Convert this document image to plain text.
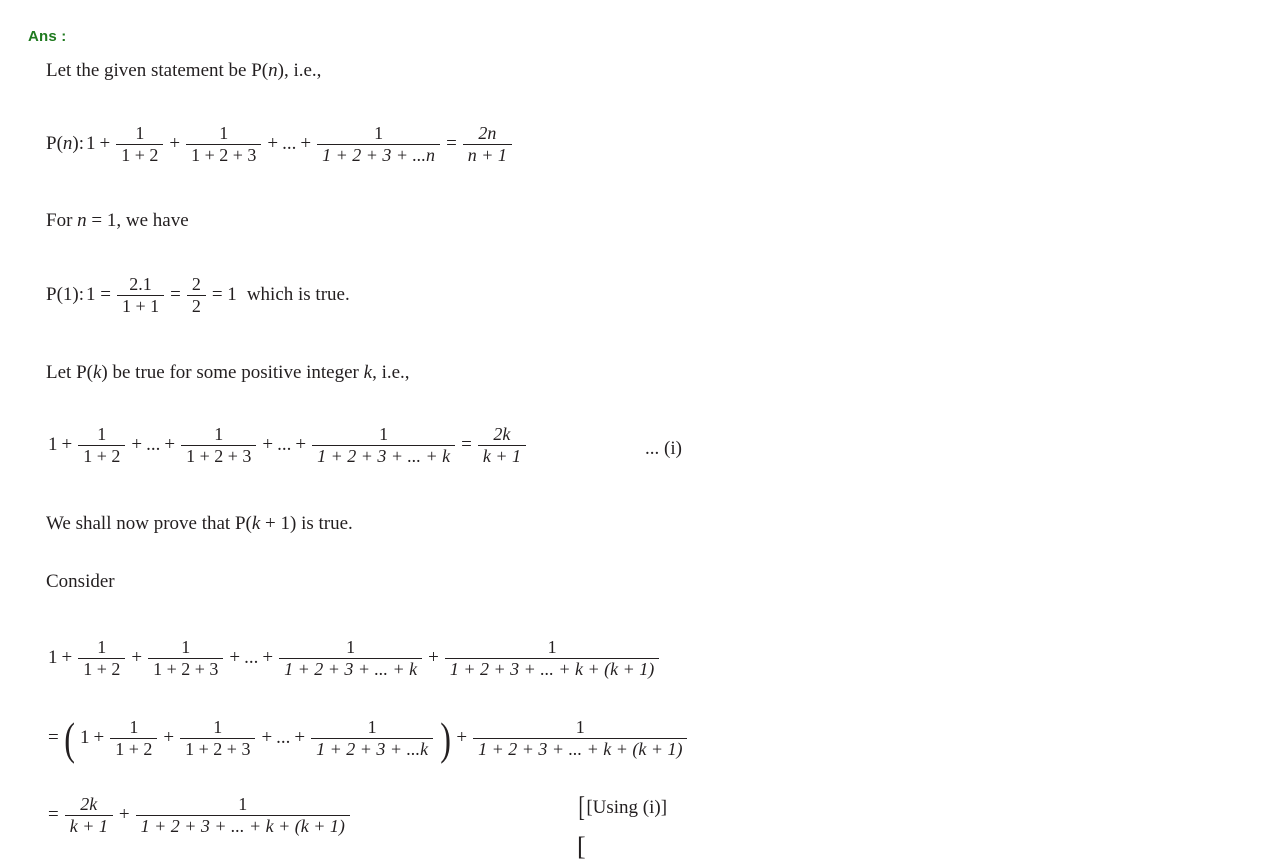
Ans :
Let the given statement be P(n), i.e.,
P(n): $1 + \frac{1}{1 + 2} + \frac{1}{1 + 2 + 3}$ + ... + $\frac{1}{1 + 2 + 3 + ...n} = \frac{2n}{n + 1}$
For n = 1, we have
P(1): $1 = \frac{2.1}{1 + 1} = \frac{2}{2} = 1$ which is true.
Let P(k) be true for some positive integer k, i.e.,
$1 + \frac{1}{1 + 2}$ + ... + $\frac{1}{1 + 2 + 3}$ + ... + $\frac{1}{1 + 2 + 3 + ... + k} = \frac{2k}{k + 1}$	... (i)
We shall now prove that P(k + 1) is true.
Consider
$1 + \frac{1}{1 + 2} + \frac{1}{1 + 2 + 3}$ + ... + $\frac{1}{1 + 2 + 3 + ... + k} + \frac{1}{1 + 2 + 3 + ... + k + (k + 1)}$
= ( $1 + \frac{1}{1 + 2} + \frac{1}{1 + 2 + 3}$ + ... + $\frac{1}{1 + 2 + 3 + ...k}$ ) + $\frac{1}{1 + 2 + 3 + ... + k + (k + 1)}$
= $\frac{2k}{k + 1} + \frac{1}{1 + 2 + 3 + ... + k + (k + 1)}$	[ [Using (i)]
[
